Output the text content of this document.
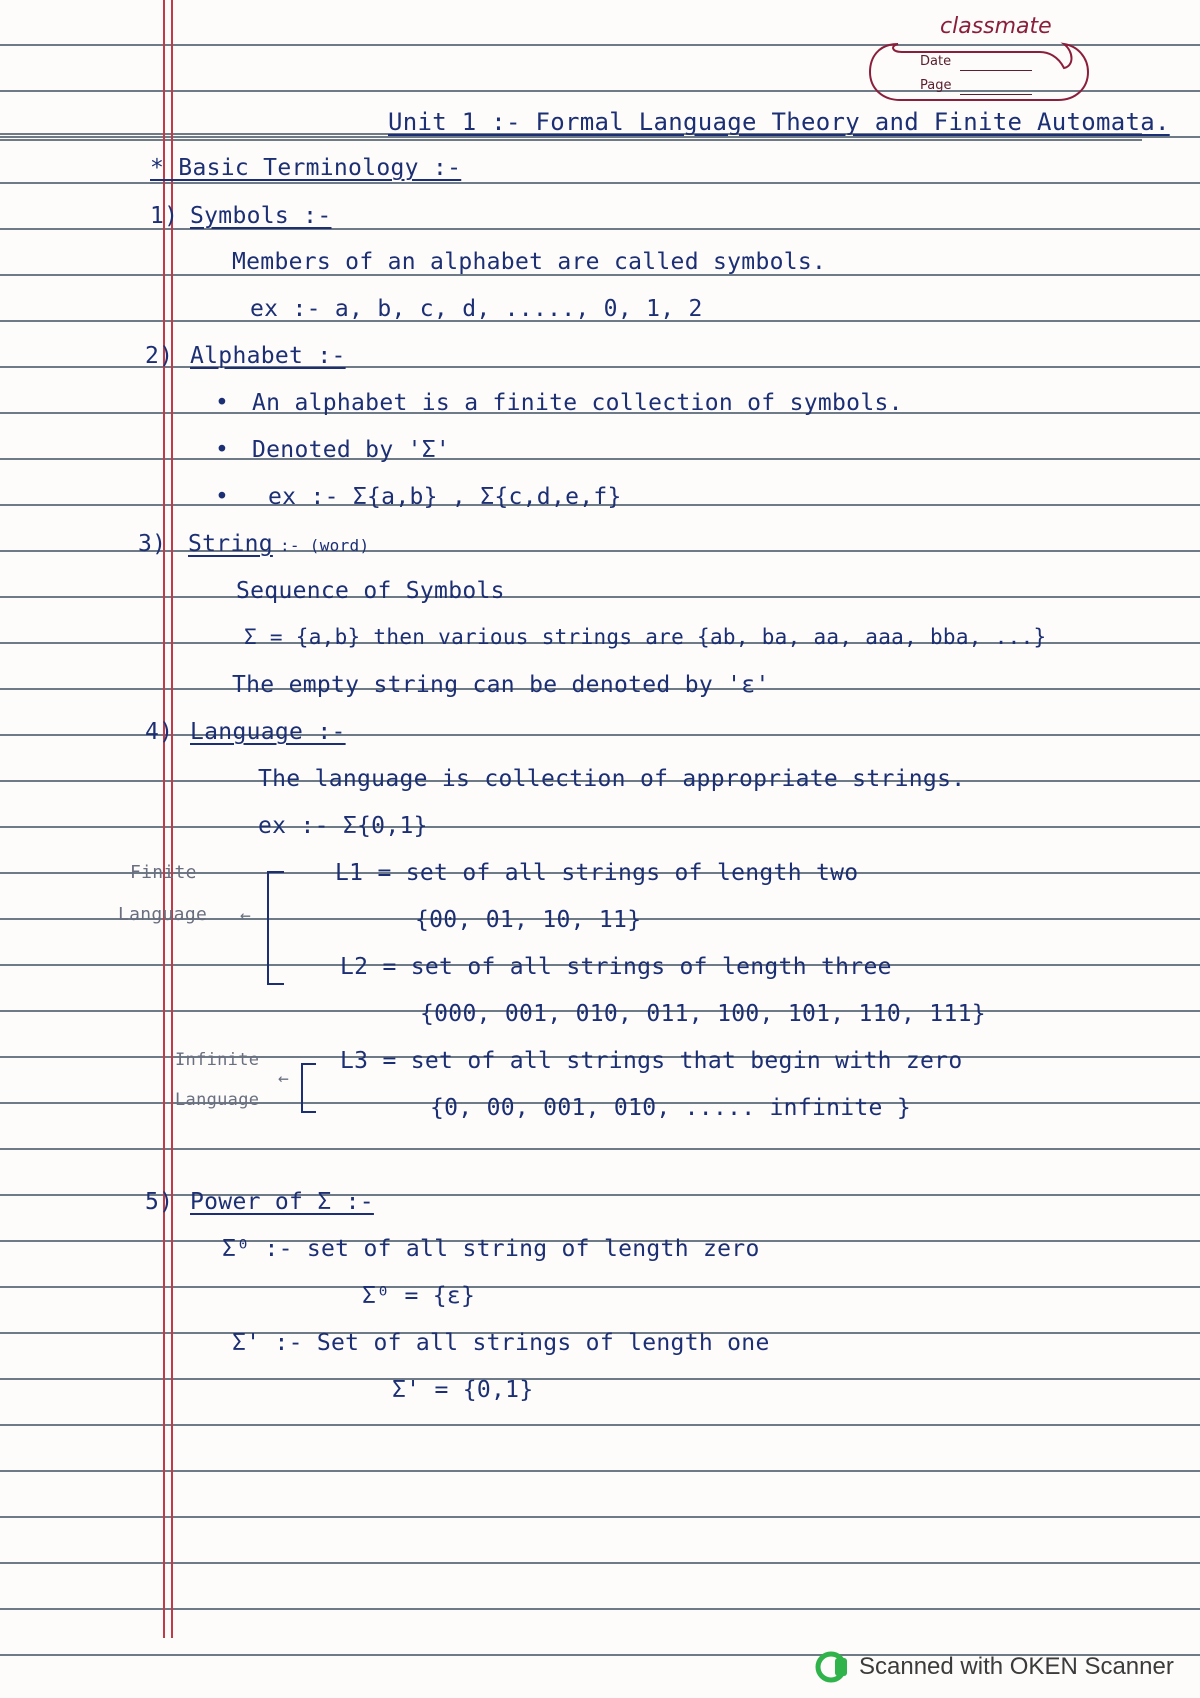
classmate
Date
Page
Unit 1 :- Formal Language Theory and Finite Automata.
* Basic Terminology :-
1) Symbols :-
Members of an alphabet are called symbols.
ex :- a, b, c, d, ....., 0, 1, 2
2) Alphabet :-
• An alphabet is a finite collection of symbols.
• Denoted by 'Σ'
• ex :- Σ{a,b} , Σ{c,d,e,f}
3) String :- (word)
Sequence of Symbols
Σ = {a,b} then various strings are {ab, ba, aa, aaa, bba, ...}
The empty string can be denoted by 'ε'
4) Language :-
The language is collection of appropriate strings.
ex :- Σ{0,1}
Finite
Language ←
L1 = set of all strings of length two
{00, 01, 10, 11}
L2 = set of all strings of length three
{000, 001, 010, 011, 100, 101, 110, 111}
Infinite
Language
←
L3 = set of all strings that begin with zero
{0, 00, 001, 010, ..... infinite }
5) Power of Σ :-
Σ⁰ :- set of all string of length zero
Σ⁰ = {ε}
Σ' :- Set of all strings of length one
Σ' = {0,1}
Scanned with OKEN Scanner
